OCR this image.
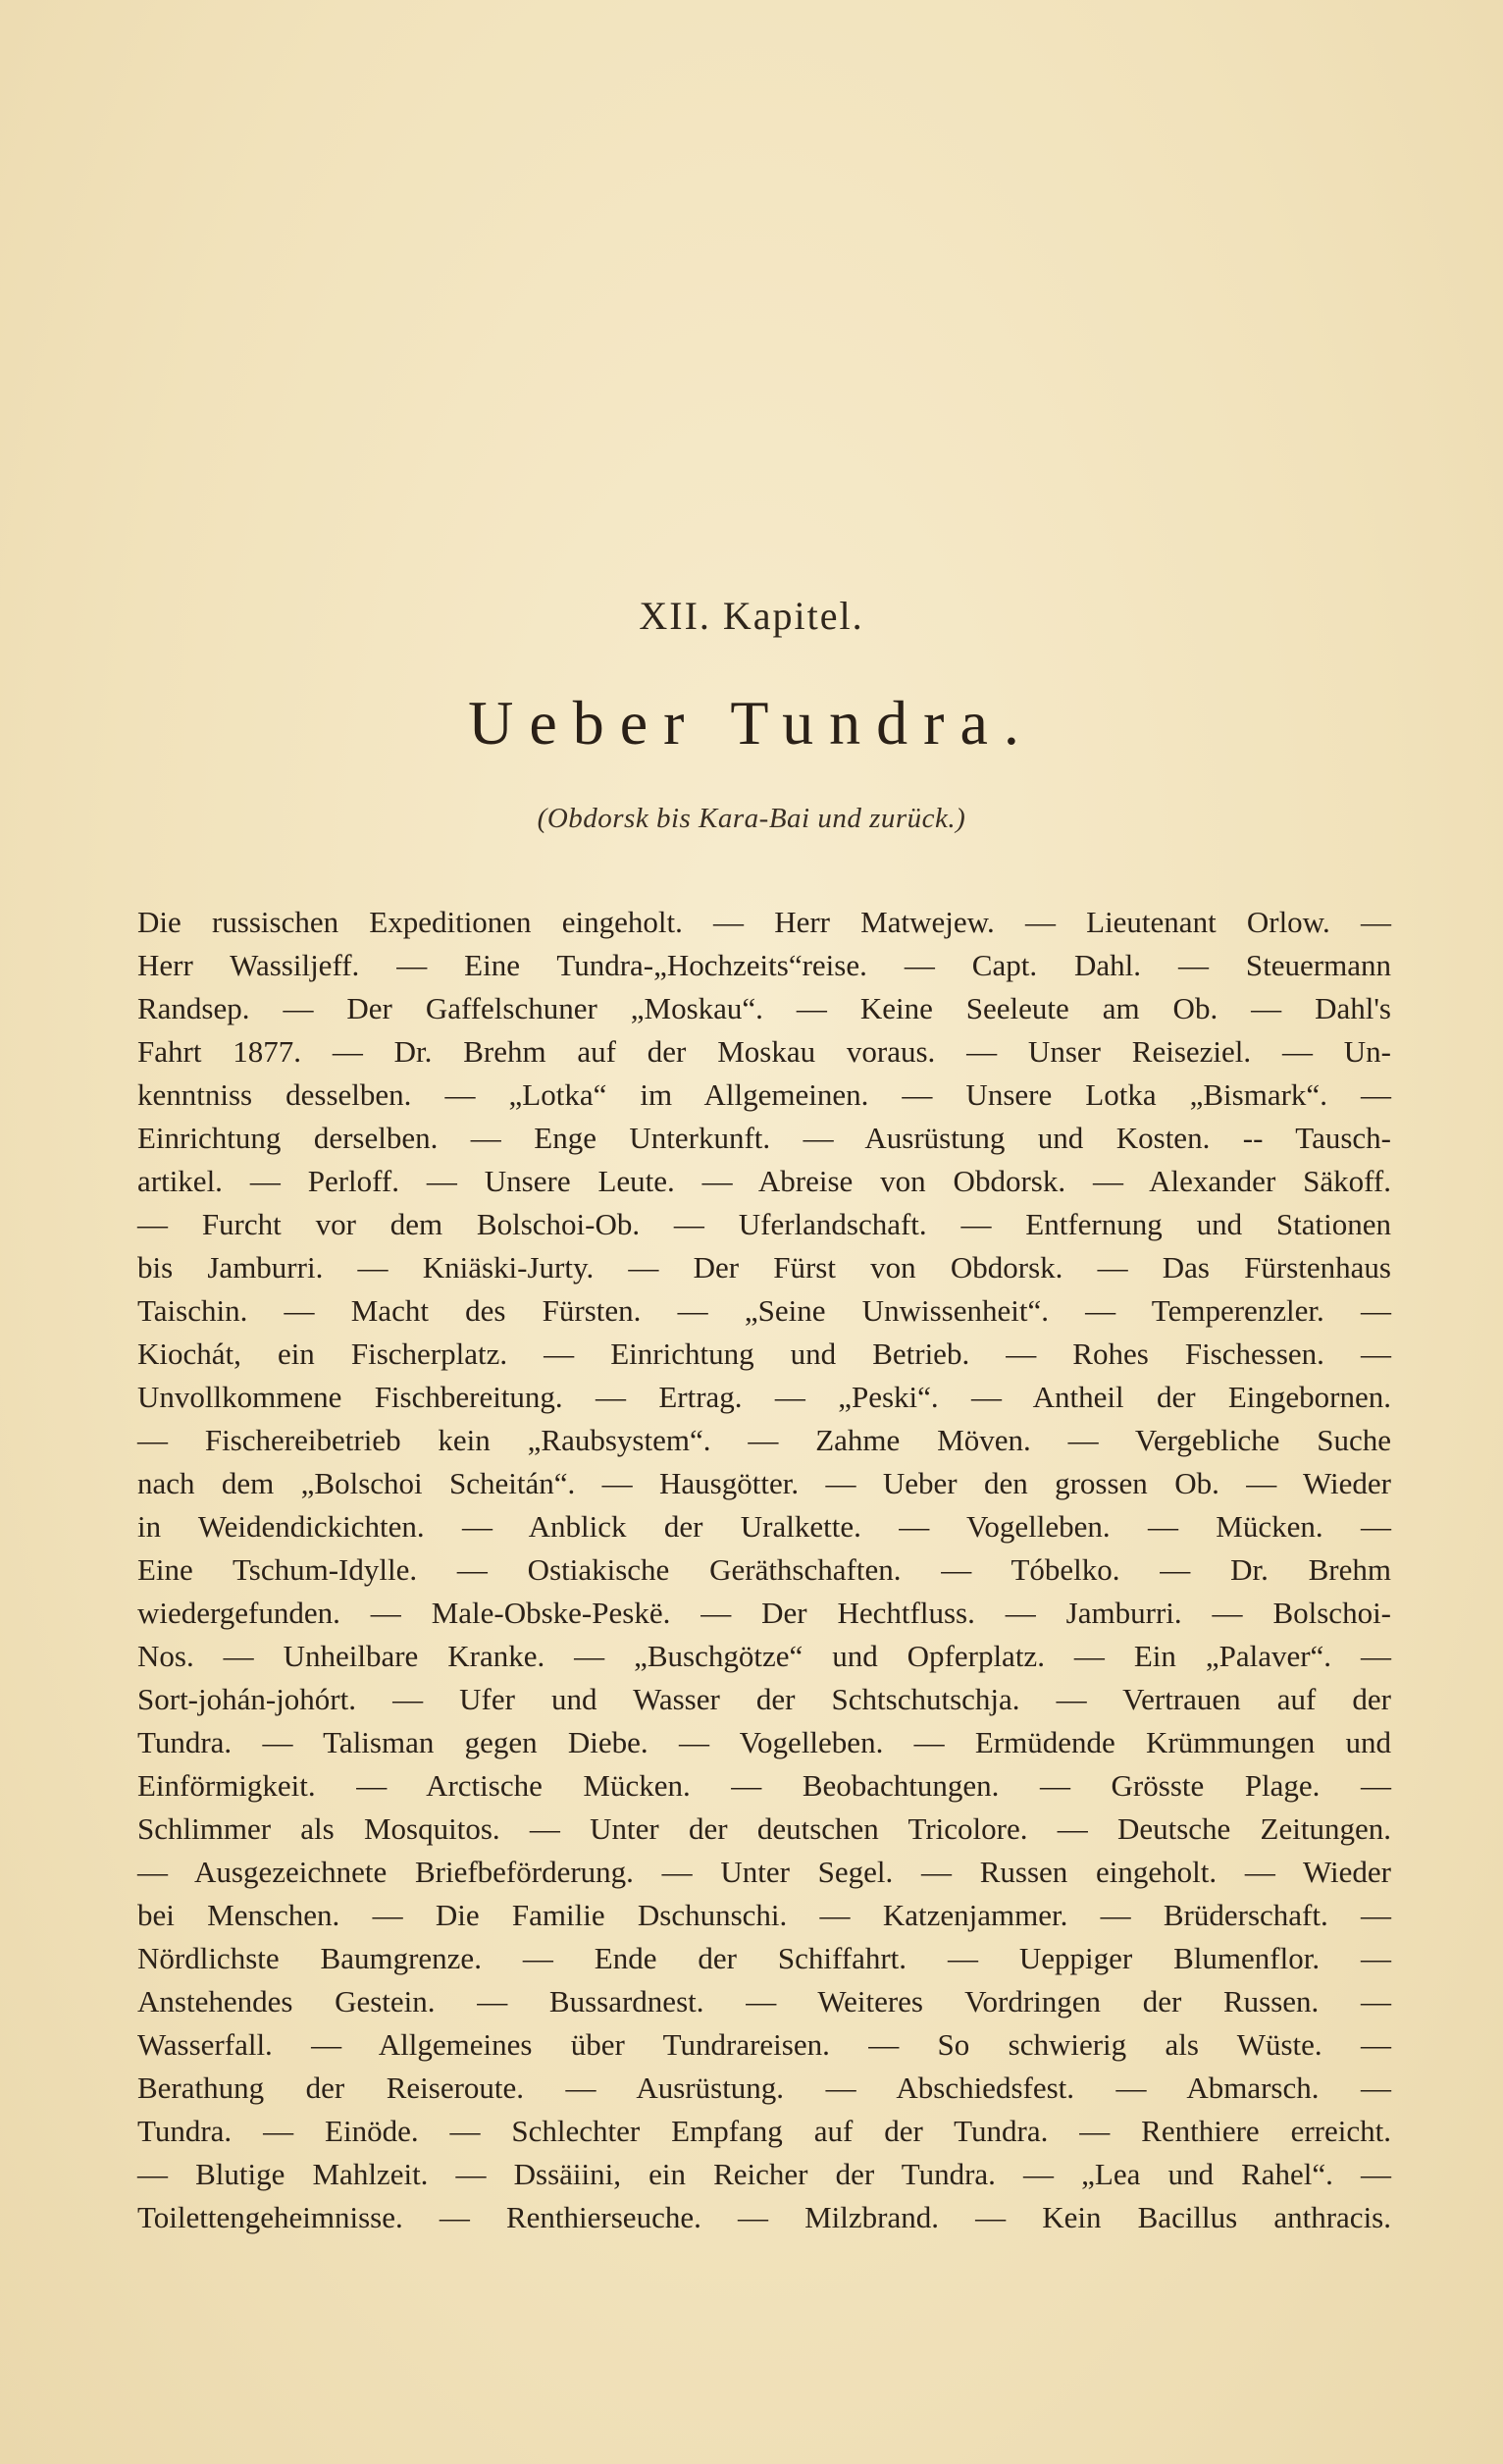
XII. Kapitel.
Ueber Tundra.
(Obdorsk bis Kara-Bai und zurück.)
Die russischen Expeditionen eingeholt. — Herr Matwejew. — Lieutenant Orlow. —
Herr Wassiljeff. — Eine Tundra-„Hochzeits“reise. — Capt. Dahl. — Steuermann
Randsep. — Der Gaffelschuner „Moskau“. — Keine Seeleute am Ob. — Dahl's
Fahrt 1877. — Dr. Brehm auf der Moskau voraus. — Unser Reiseziel. — Un-
kenntniss desselben. — „Lotka“ im Allgemeinen. — Unsere Lotka „Bismark“. —
Einrichtung derselben. — Enge Unterkunft. — Ausrüstung und Kosten. -- Tausch-
artikel. — Perloff. — Unsere Leute. — Abreise von Obdorsk. — Alexander Säkoff.
— Furcht vor dem Bolschoi-Ob. — Uferlandschaft. — Entfernung und Stationen
bis Jamburri. — Kniäski-Jurty. — Der Fürst von Obdorsk. — Das Fürstenhaus
Taischin. — Macht des Fürsten. — „Seine Unwissenheit“. — Temperenzler. —
Kiochát, ein Fischerplatz. — Einrichtung und Betrieb. — Rohes Fischessen. —
Unvollkommene Fischbereitung. — Ertrag. — „Peski“. — Antheil der Eingebornen.
— Fischereibetrieb kein „Raubsystem“. — Zahme Möven. — Vergebliche Suche
nach dem „Bolschoi Scheitán“. — Hausgötter. — Ueber den grossen Ob. — Wieder
in Weidendickichten. — Anblick der Uralkette. — Vogelleben. — Mücken. —
Eine Tschum-Idylle. — Ostiakische Geräthschaften. — Tóbelko. — Dr. Brehm
wiedergefunden. — Male-Obske-Peskë. — Der Hechtfluss. — Jamburri. — Bolschoi-
Nos. — Unheilbare Kranke. — „Buschgötze“ und Opferplatz. — Ein „Palaver“. —
Sort-johán-johórt. — Ufer und Wasser der Schtschutschja. — Vertrauen auf der
Tundra. — Talisman gegen Diebe. — Vogelleben. — Ermüdende Krümmungen und
Einförmigkeit. — Arctische Mücken. — Beobachtungen. — Grösste Plage. —
Schlimmer als Mosquitos. — Unter der deutschen Tricolore. — Deutsche Zeitungen.
— Ausgezeichnete Briefbeförderung. — Unter Segel. — Russen eingeholt. — Wieder
bei Menschen. — Die Familie Dschunschi. — Katzenjammer. — Brüderschaft. —
Nördlichste Baumgrenze. — Ende der Schiffahrt. — Ueppiger Blumenflor. —
Anstehendes Gestein. — Bussardnest. — Weiteres Vordringen der Russen. —
Wasserfall. — Allgemeines über Tundrareisen. — So schwierig als Wüste. —
Berathung der Reiseroute. — Ausrüstung. — Abschiedsfest. — Abmarsch. —
Tundra. — Einöde. — Schlechter Empfang auf der Tundra. — Renthiere erreicht.
— Blutige Mahlzeit. — Dssäiini, ein Reicher der Tundra. — „Lea und Rahel“. —
Toilettengeheimnisse. — Renthierseuche. — Milzbrand. — Kein Bacillus anthracis.
